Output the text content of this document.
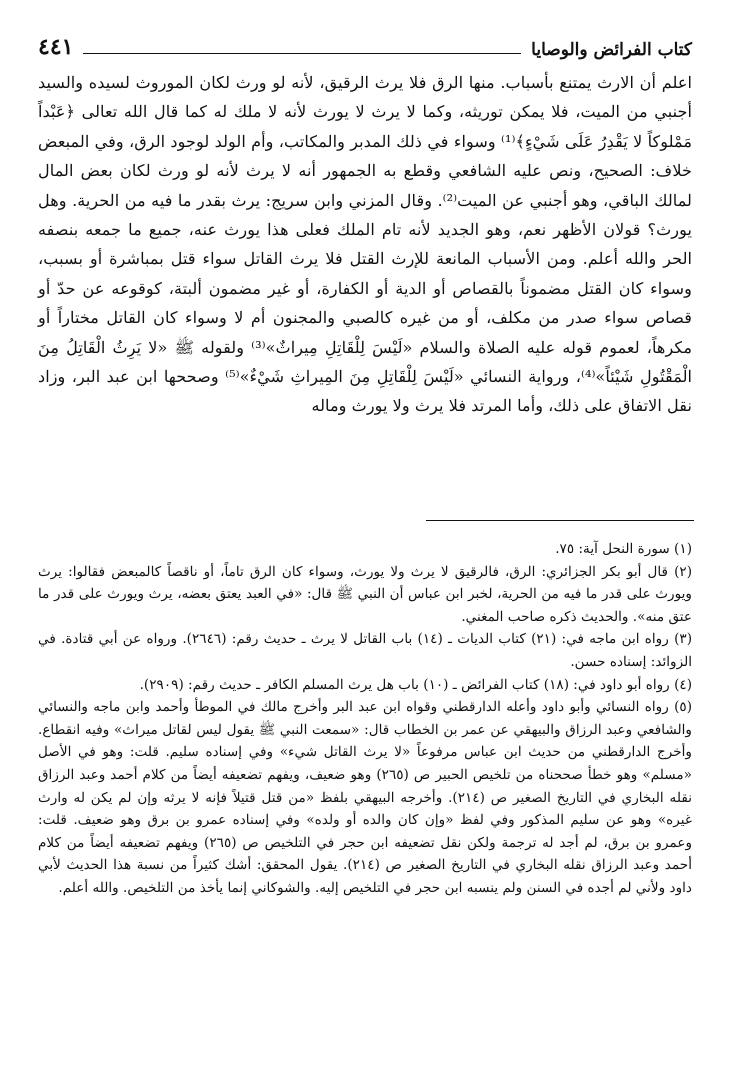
كتاب الفرائض والوصايا
٤٤١

اعلم أن الارث يمتنع بأسباب. منها الرق فلا يرث الرقيق، لأنه لو ورث لكان الموروث لسيده والسيد أجنبي من الميت، فلا يمكن توريثه، وكما لا يرث لا يورث لأنه لا ملك له كما قال الله تعالى ﴿عَبْداً مَمْلوكاً لا يَقْدِرُ عَلَى شَيْءٍ﴾⁽¹⁾ وسواء في ذلك المدبر والمكاتب، وأم الولد لوجود الرق، وفي المبعض خلاف: الصحيح، ونص عليه الشافعي وقطع به الجمهور أنه لا يرث لأنه لو ورث لكان بعض المال لمالك الباقي، وهو أجنبي عن الميت⁽²⁾. وقال المزني وابن سريج: يرث بقدر ما فيه من الحرية. وهل يورث؟ قولان الأظهر نعم، وهو الجديد لأنه تام الملك فعلى هذا يورث عنه، جميع ما جمعه بنصفه الحر والله أعلم. ومن الأسباب المانعة للإرث القتل فلا يرث القاتل سواء قتل بمباشرة أو بسبب، وسواء كان القتل مضموناً بالقصاص أو الدية أو الكفارة، أو غير مضمون ألبتة، كوقوعه عن حدّ أو قصاص سواء صدر من مكلف، أو من غيره كالصبي والمجنون أم لا وسواء كان القاتل مختاراً أو مكرهاً، لعموم قوله عليه الصلاة والسلام «لَيْسَ لِلْقَاتِلِ مِيراثٌ»⁽³⁾ ولقوله ﷺ «لا يَرِثُ الْقَاتِلُ مِنَ الْمَقْتُولِ شَيْئاً»⁽⁴⁾، ورواية النسائي «لَيْسَ لِلْقَاتِلِ مِنَ المِيراثِ شَيْءٌ»⁽⁵⁾ وصححها ابن عبد البر، وزاد نقل الاتفاق على ذلك، وأما المرتد فلا يرث ولا يورث وماله

(١) سورة النحل آية: ٧٥.

(٢) قال أبو بكر الجزائري: الرق، فالرقيق لا يرث ولا يورث، وسواء كان الرق تاماً، أو ناقصاً كالمبعض فقالوا: يرث ويورث على قدر ما فيه من الحرية، لخبر ابن عباس أن النبي ﷺ قال: «في العبد يعتق بعضه، يرث ويورث على قدر ما عتق منه». والحديث ذكره صاحب المغني.

(٣) رواه ابن ماجه في: (٢١) كتاب الديات ـ (١٤) باب القاتل لا يرث ـ حديث رقم: (٢٦٤٦). ورواه عن أبي قتادة. في الزوائد: إسناده حسن.

(٤) رواه أبو داود في: (١٨) كتاب الفرائض ـ (١٠) باب هل يرث المسلم الكافر ـ حديث رقم: (٢٩٠٩).

(٥) رواه النسائي وأبو داود وأعله الدارقطني وقواه ابن عبد البر وأخرج مالك في الموطأ وأحمد وابن ماجه والنسائي والشافعي وعبد الرزاق والبيهقي عن عمر بن الخطاب قال: «سمعت النبي ﷺ يقول ليس لقاتل ميراث» وفيه انقطاع. وأخرج الدارقطني من حديث ابن عباس مرفوعاً «لا يرث القاتل شيء» وفي إسناده سليم. قلت: وهو في الأصل «مسلم» وهو خطأ صححناه من تلخيص الحبير ص (٢٦٥) وهو ضعيف، ويفهم تضعيفه أيضاً من كلام أحمد وعبد الرزاق نقله البخاري في التاريخ الصغير ص (٢١٤). وأخرجه البيهقي بلفظ «من قتل قتيلاً فإنه لا يرثه وإن لم يكن له وارث غيره» وهو عن سليم المذكور وفي لفظ «وإن كان والده أو ولده» وفي إسناده عمرو بن برق وهو ضعيف. قلت: وعمرو بن برق، لم أجد له ترجمة ولكن نقل تضعيفه ابن حجر في التلخيص ص (٢٦٥) ويفهم تضعيفه أيضاً من كلام أحمد وعبد الرزاق نقله البخاري في التاريخ الصغير ص (٢١٤). يقول المحقق: أشك كثيراً من نسبة هذا الحديث لأبي داود ولأني لم أجده في السنن ولم ينسبه ابن حجر في التلخيص إليه. والشوكاني إنما يأخذ من التلخيص. والله أعلم.
